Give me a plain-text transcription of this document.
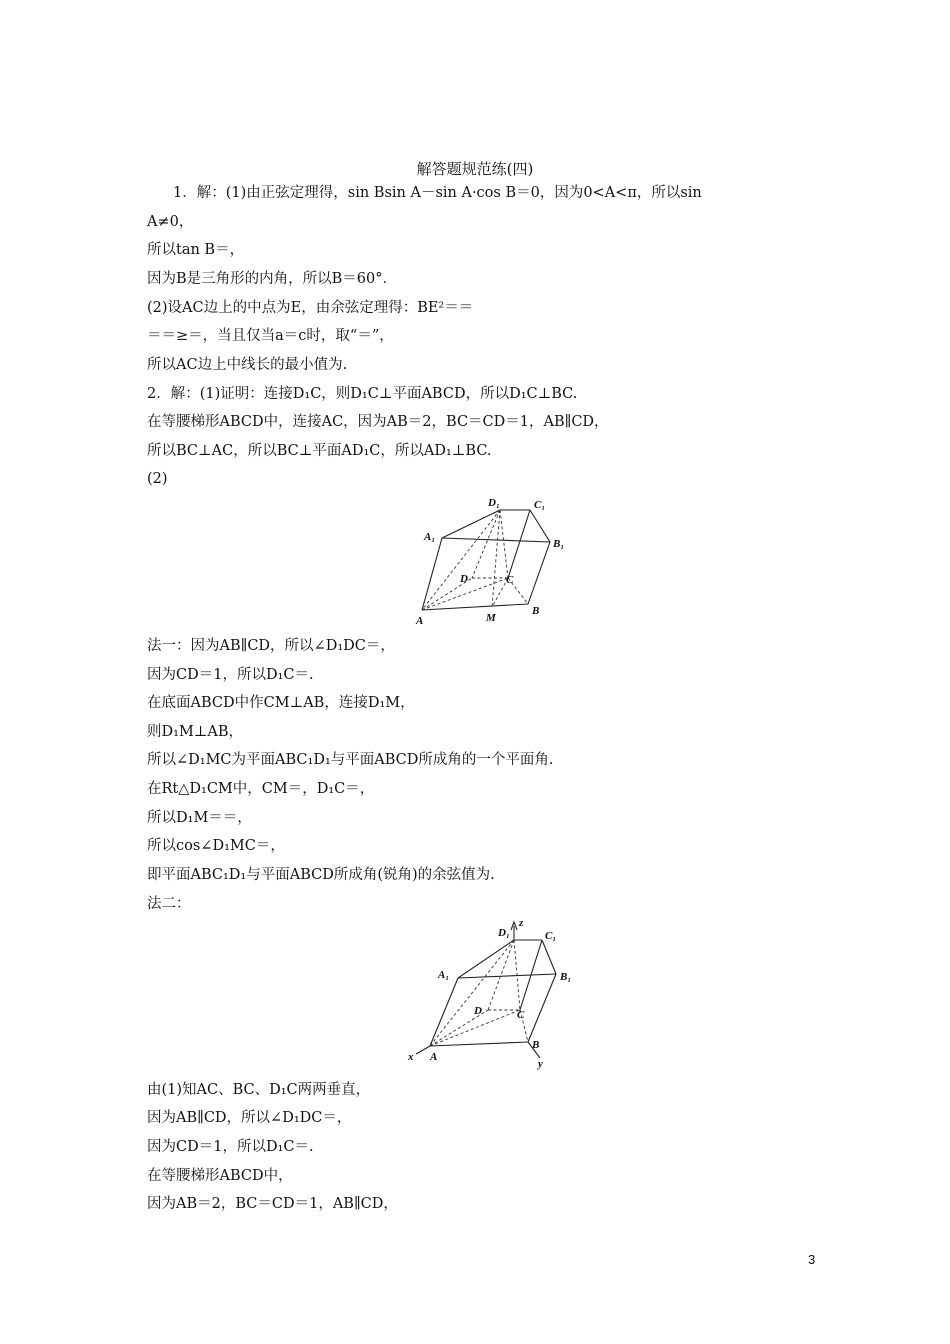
解答题规范练(四)
1．解：(1)由正弦定理得，sin Bsin A－sin A·cos B＝0，因为0<A<π，所以sin
A≠0，
所以tan B＝，
因为B是三角形的内角，所以B＝60°．
(2)设AC边上的中点为E，由余弦定理得：BE²＝＝
＝＝≥＝，当且仅当a＝c时，取“＝”，
所以AC边上中线长的最小值为.
2．解：(1)证明：连接D₁C，则D₁C⊥平面ABCD，所以D₁C⊥BC.
在等腰梯形ABCD中，连接AC，因为AB＝2，BC＝CD＝1，AB∥CD，
所以BC⊥AC，所以BC⊥平面AD₁C，所以AD₁⊥BC.
(2)
D₁	C₁
A₁
B₁
D	C
A	M
B
法一：因为AB∥CD，所以∠D₁DC＝，
因为CD＝1，所以D₁C＝.
在底面ABCD中作CM⊥AB，连接D₁M，
则D₁M⊥AB，
所以∠D₁MC为平面ABC₁D₁与平面ABCD所成角的一个平面角.
在Rt△D₁CM中，CM＝，D₁C＝，
所以D₁M＝＝，
所以cos∠D₁MC＝，
即平面ABC₁D₁与平面ABCD所成角(锐角)的余弦值为.
法二：
z
D₁	C₁
A₁	B₁
D	C
x A
B
y
由(1)知AC、BC、D₁C两两垂直，
因为AB∥CD，所以∠D₁DC＝，
因为CD＝1，所以D₁C＝.
在等腰梯形ABCD中，
因为AB＝2，BC＝CD＝1，AB∥CD，
3
